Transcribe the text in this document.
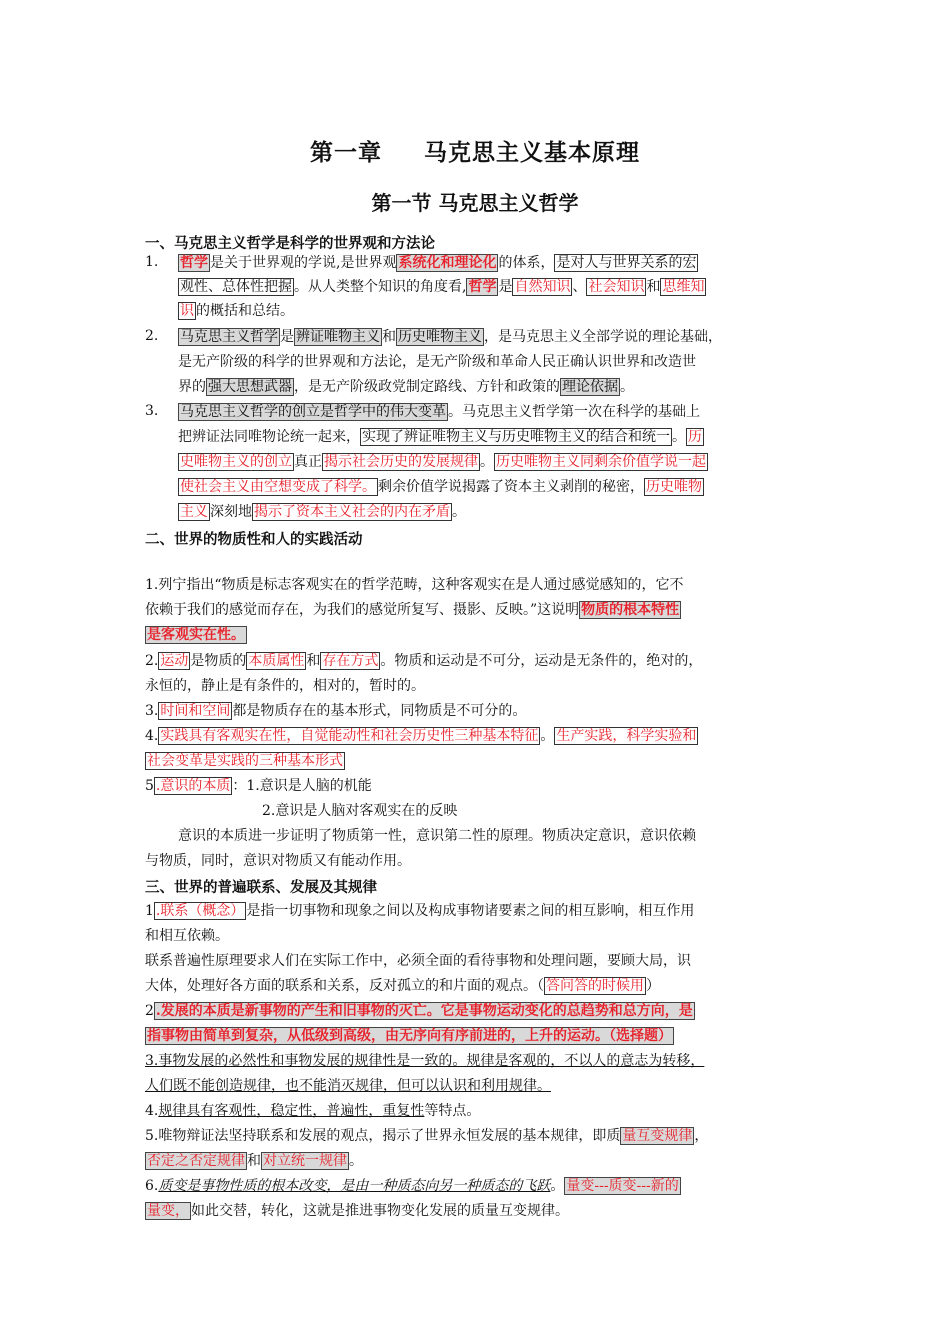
第一章 马克思主义基本原理
第一节 马克思主义哲学
一、马克思主义哲学是科学的世界观和方法论
1. 哲学 是关于世界观的学说,是世界观 系统化和理论化 的体系， 是对人与世界关系的宏
观性、总体性把握 。从人类整个知识的角度看, 哲学 是 自然知识 、 社会知识 和 思维知
识 的概括和总结。
2. 马克思主义哲学 是 辨证唯物主义 和 历史唯物主义 ，是马克思主义全部学说的理论基础，
是无产阶级的科学的世界观和方法论，是无产阶级和革命人民正确认识世界和改造世
界的 强大思想武器 ，是无产阶级政党制定路线、方针和政策的 理论依据 。
3. 马克思主义哲学的创立是哲学中的伟大变革 。马克思主义哲学第一次在科学的基础上
把辨证法同唯物论统一起来， 实现了辨证唯物主义与历史唯物主义的结合和统一 。 历
史唯物主义的创立 真正 揭示社会历史的发展规律 。 历史唯物主义同剩余价值学说一起
使社会主义由空想变成了科学。 剩余价值学说揭露了资本主义剥削的秘密， 历史唯物
主义 深刻地 揭示了资本主义社会的内在矛盾 。
二、世界的物质性和人的实践活动
1.列宁指出“物质是标志客观实在的哲学范畴，这种客观实在是人通过感觉感知的，它不
依赖于我们的感觉而存在，为我们的感觉所复写、摄影、反映。”这说明 物质的根本特性
是客观实在性。
2. 运动 是物质的 本质属性 和 存在方式 。物质和运动是不可分，运动是无条件的，绝对的，
永恒的，静止是有条件的，相对的，暂时的。
3. 时间和空间 都是物质存在的基本形式，同物质是不可分的。
4. 实践具有客观实在性，自觉能动性和社会历史性三种基本特征 。 生产实践，科学实验和
社会变革是实践的三种基本形式
5 .意识的本质 ：1.意识是人脑的机能
2.意识是人脑对客观实在的反映
意识的本质进一步证明了物质第一性，意识第二性的原理。物质决定意识，意识依赖
与物质，同时，意识对物质又有能动作用。
三、世界的普遍联系、发展及其规律
1 .联系（概念） 是指一切事物和现象之间以及构成事物诸要素之间的相互影响，相互作用
和相互依赖。
联系普遍性原理要求人们在实际工作中，必须全面的看待事物和处理问题，要顾大局，识
大体，处理好各方面的联系和关系，反对孤立的和片面的观点。（ 答问答的时候用 ）
2 .发展的本质是新事物的产生和旧事物的灭亡。它是事物运动变化的总趋势和总方向，是
指事物由简单到复杂，从低级到高级，由无序向有序前进的，上升的运动。（选择题）
3.事物发展的必然性和事物发展的规律性是一致的。规律是客观的，不以人的意志为转移，
人们既不能创造规律，也不能消灭规律，但可以认识和利用规律。
4.规律具有客观性，稳定性，普遍性，重复性等特点。
5.唯物辩证法坚持联系和发展的观点，揭示了世界永恒发展的基本规律，即质 量互变规律 ，
否定之否定规律 和 对立统一规律 。
6.质变是事物性质的根本改变，是由一种质态向另一种质态的飞跃。 量变---质变---新的
量变， 如此交替，转化，这就是推进事物变化发展的质量互变规律。
